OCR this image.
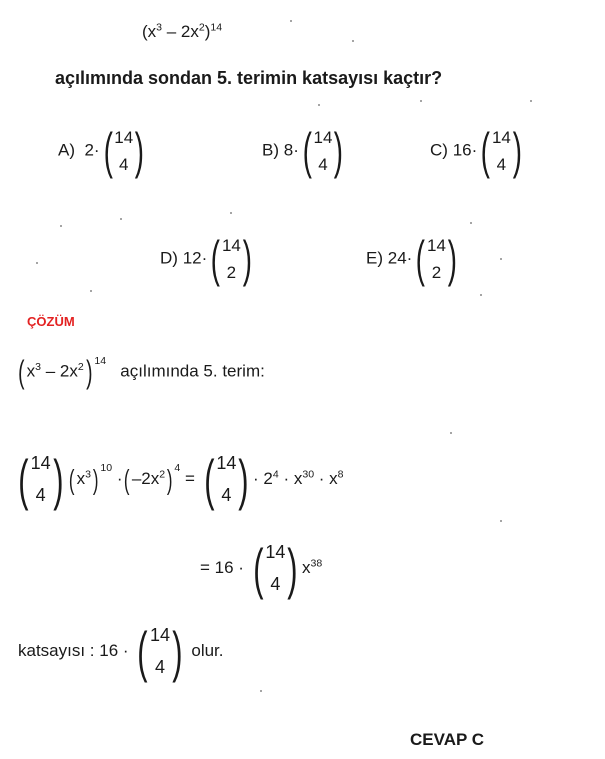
$(x^3 - 2x^2)^{14}$
açılımında sondan 5. terimin katsayısı kaçtır?
A) 2· ( 14
4 )	B) 8· ( 14
4 )	C) 16· ( 14
4 )
D) 12· ( 14
2 )	E) 24· ( 14
2 )
ÇÖZÜM
( $x^3 - 2x^2$) $^{14}$   açılımında 5. terim:
( 14
4 ) ( $x^3$) $^{10}$ ·( $-2x^2$) $^4$ = ( 14
4 ) · $2^4 \cdot x^{30} \cdot x^8$
= 16 · ( 14
4 ) $x^{38}$
katsayısı : 16 · ( 14
4 ) olur.
CEVAP C
